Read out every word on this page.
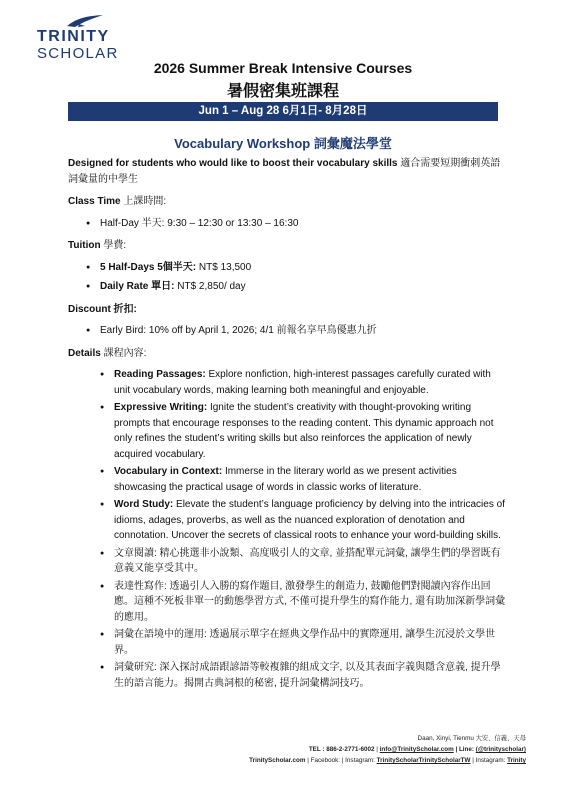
TRINITY
SCHOLAR
2026 Summer Break Intensive Courses
暑假密集班課程
Jun 1 – Aug 28 6月1日- 8月28日
Vocabulary Workshop 詞彙魔法學堂

Designed for students who would like to boost their vocabulary skills 適合需要短期衝刺英語詞彙量的中學生

Class Time 上課時間:

● Half-Day 半天: 9:30 – 12:30 or 13:30 – 16:30

Tuition 學費:

● 5 Half-Days 5個半天: NT$ 13,500
● Daily Rate 單日: NT$ 2,850/ day

Discount 折扣:

● Early Bird: 10% off by April 1, 2026; 4/1 前報名享早鳥優惠九折

Details 課程內容:

● Reading Passages: Explore nonfiction, high-interest passages carefully curated with unit vocabulary words, making learning both meaningful and enjoyable.
● Expressive Writing: Ignite the student’s creativity with thought-provoking writing prompts that encourage responses to the reading content. This dynamic approach not only refines the student’s writing skills but also reinforces the application of newly acquired vocabulary.
● Vocabulary in Context: Immerse in the literary world as we present activities showcasing the practical usage of words in classic works of literature.
● Word Study: Elevate the student’s language proficiency by delving into the intricacies of idioms, adages, proverbs, as well as the nuanced exploration of denotation and connotation. Uncover the secrets of classical roots to enhance your word-building skills.
● 文章閱讀: 精心挑選非小說類、高度吸引人的文章, 並搭配單元詞彙, 讓學生們的學習既有意義又能享受其中。
● 表達性寫作: 透過引人入勝的寫作題目, 激發學生的創造力, 鼓勵他們對閱讀內容作出回應。這種不死板非單一的動態學習方式, 不僅可提升學生的寫作能力, 還有助加深新學詞彙的應用。
● 詞彙在語境中的運用: 透過展示單字在經典文學作品中的實際運用, 讓學生沉浸於文學世界。
● 詞彙研究: 深入探討成語跟諺語等較複雜的組成文字, 以及其表面字義與隱含意義, 提升學生的語言能力。揭開古典詞根的秘密, 提升詞彙構詞技巧。
Daan, Xinyi, Tienmu 大安、信義、天母
TEL : 886-2-2771-6002 | info@TrinityScholar.com | Line: (@trinityscholar)
TrinityScholar.com | Facebook: | Instagram: TrinityScholarTrinityScholarTW | Instagram: Trinity
